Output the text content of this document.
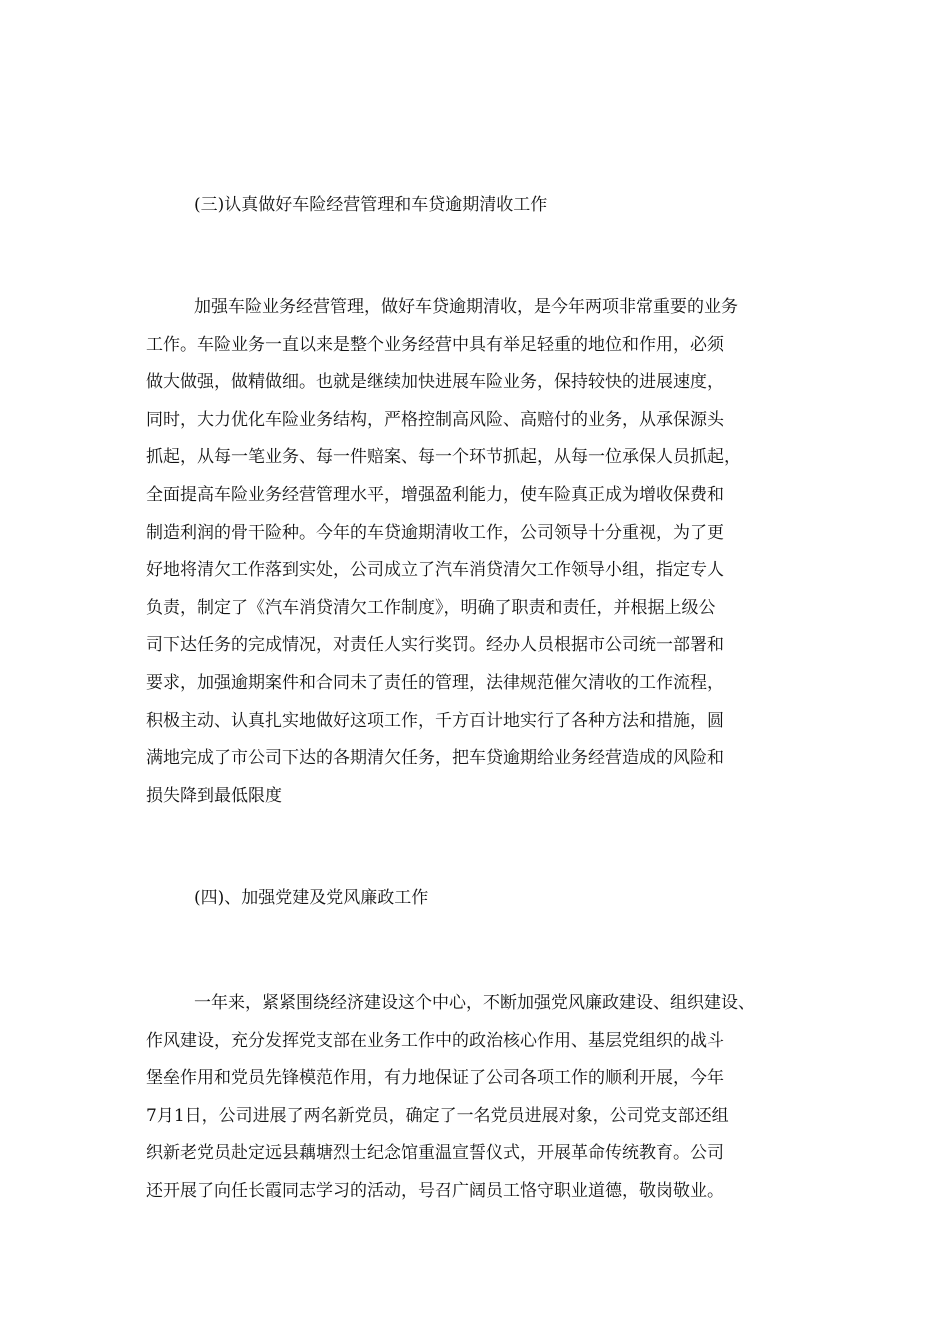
(三)认真做好车险经营管理和车贷逾期清收工作
加强车险业务经营管理，做好车贷逾期清收，是今年两项非常重要的业务
工作。车险业务一直以来是整个业务经营中具有举足轻重的地位和作用，必须
做大做强，做精做细。也就是继续加快进展车险业务，保持较快的进展速度，
同时，大力优化车险业务结构，严格控制高风险、高赔付的业务，从承保源头
抓起，从每一笔业务、每一件赔案、每一个环节抓起，从每一位承保人员抓起，
全面提高车险业务经营管理水平，增强盈利能力，使车险真正成为增收保费和
制造利润的骨干险种。今年的车贷逾期清收工作，公司领导十分重视，为了更
好地将清欠工作落到实处，公司成立了汽车消贷清欠工作领导小组，指定专人
负责，制定了《汽车消贷清欠工作制度》，明确了职责和责任，并根据上级公
司下达任务的完成情况，对责任人实行奖罚。经办人员根据市公司统一部署和
要求，加强逾期案件和合同未了责任的管理，法律规范催欠清收的工作流程，
积极主动、认真扎实地做好这项工作，千方百计地实行了各种方法和措施，圆
满地完成了市公司下达的各期清欠任务，把车贷逾期给业务经营造成的风险和
损失降到最低限度
(四)、加强党建及党风廉政工作
一年来，紧紧围绕经济建设这个中心，不断加强党风廉政建设、组织建设、
作风建设，充分发挥党支部在业务工作中的政治核心作用、基层党组织的战斗
堡垒作用和党员先锋模范作用，有力地保证了公司各项工作的顺利开展，今年
7月1日，公司进展了两名新党员，确定了一名党员进展对象，公司党支部还组
织新老党员赴定远县藕塘烈士纪念馆重温宣誓仪式，开展革命传统教育。公司
还开展了向任长霞同志学习的活动，号召广阔员工恪守职业道德，敬岗敬业。
